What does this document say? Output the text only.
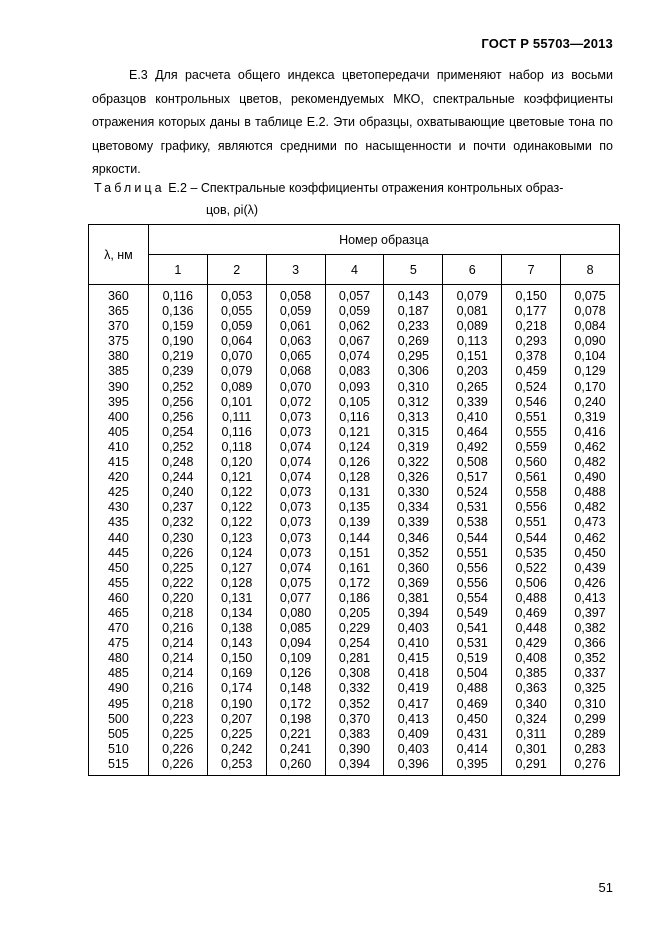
ГОСТ Р 55703—2013
Е.3 Для расчета общего индекса цветопередачи применяют набор из восьми образцов контрольных цветов, рекомендуемых МКО, спектральные коэффициенты отражения которых даны в таблице Е.2. Эти образцы, охватывающие цветовые тона по цветовому графику, являются средними по насыщенности и почти одинаковыми по яркости.
Таблица Е.2 – Спектральные коэффициенты отражения контрольных образ-
цов, ρi(λ)
λ, нм	Номер образца							
	1	2	3	4	5	6	7	8
360	0,116	0,053	0,058	0,057	0,143	0,079	0,150	0,075
365	0,136	0,055	0,059	0,059	0,187	0,081	0,177	0,078
370	0,159	0,059	0,061	0,062	0,233	0,089	0,218	0,084
375	0,190	0,064	0,063	0,067	0,269	0,113	0,293	0,090
380	0,219	0,070	0,065	0,074	0,295	0,151	0,378	0,104
385	0,239	0,079	0,068	0,083	0,306	0,203	0,459	0,129
390	0,252	0,089	0,070	0,093	0,310	0,265	0,524	0,170
395	0,256	0,101	0,072	0,105	0,312	0,339	0,546	0,240
400	0,256	0,111	0,073	0,116	0,313	0,410	0,551	0,319
405	0,254	0,116	0,073	0,121	0,315	0,464	0,555	0,416
410	0,252	0,118	0,074	0,124	0,319	0,492	0,559	0,462
415	0,248	0,120	0,074	0,126	0,322	0,508	0,560	0,482
420	0,244	0,121	0,074	0,128	0,326	0,517	0,561	0,490
425	0,240	0,122	0,073	0,131	0,330	0,524	0,558	0,488
430	0,237	0,122	0,073	0,135	0,334	0,531	0,556	0,482
435	0,232	0,122	0,073	0,139	0,339	0,538	0,551	0,473
440	0,230	0,123	0,073	0,144	0,346	0,544	0,544	0,462
445	0,226	0,124	0,073	0,151	0,352	0,551	0,535	0,450
450	0,225	0,127	0,074	0,161	0,360	0,556	0,522	0,439
455	0,222	0,128	0,075	0,172	0,369	0,556	0,506	0,426
460	0,220	0,131	0,077	0,186	0,381	0,554	0,488	0,413
465	0,218	0,134	0,080	0,205	0,394	0,549	0,469	0,397
470	0,216	0,138	0,085	0,229	0,403	0,541	0,448	0,382
475	0,214	0,143	0,094	0,254	0,410	0,531	0,429	0,366
480	0,214	0,150	0,109	0,281	0,415	0,519	0,408	0,352
485	0,214	0,169	0,126	0,308	0,418	0,504	0,385	0,337
490	0,216	0,174	0,148	0,332	0,419	0,488	0,363	0,325
495	0,218	0,190	0,172	0,352	0,417	0,469	0,340	0,310
500	0,223	0,207	0,198	0,370	0,413	0,450	0,324	0,299
505	0,225	0,225	0,221	0,383	0,409	0,431	0,311	0,289
510	0,226	0,242	0,241	0,390	0,403	0,414	0,301	0,283
515	0,226	0,253	0,260	0,394	0,396	0,395	0,291	0,276
51
